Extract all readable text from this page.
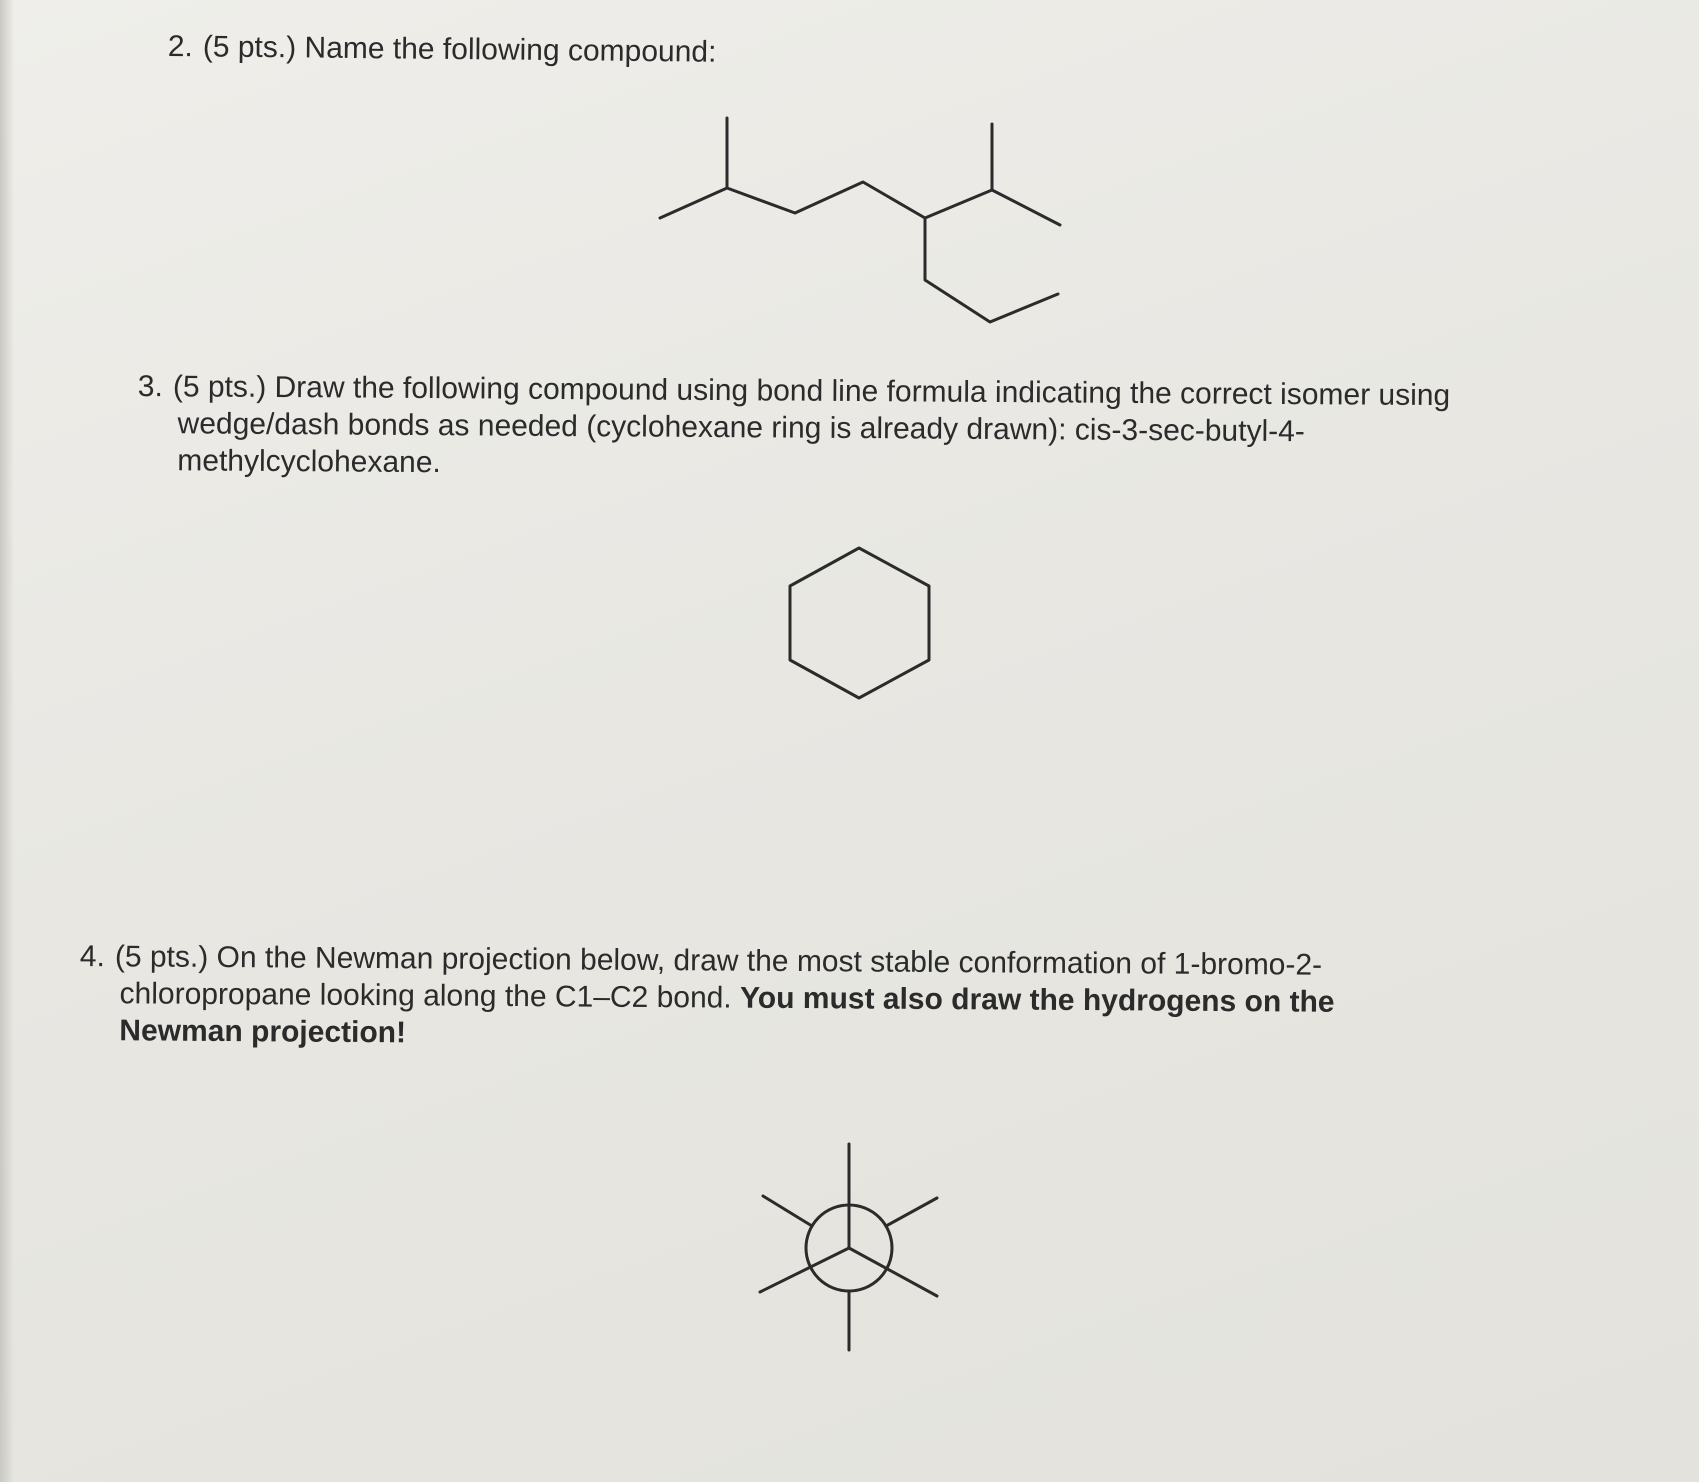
2. (5 pts.) Name the following compound:
3. (5 pts.) Draw the following compound using bond line formula indicating the correct isomer using
wedge/dash bonds as needed (cyclohexane ring is already drawn): cis-3-sec-butyl-4-
methylcyclohexane.
4. (5 pts.) On the Newman projection below, draw the most stable conformation of 1-bromo-2-
chloropropane looking along the C1–C2 bond. You must also draw the hydrogens on the
Newman projection!
